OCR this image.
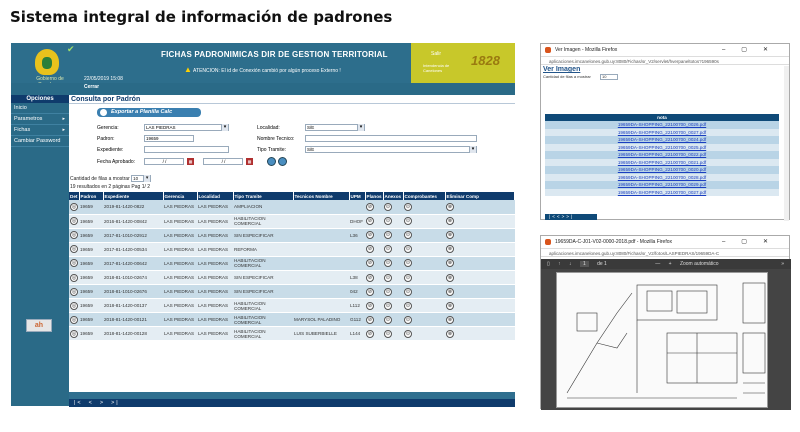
Sistema integral de información de padrones
Gobierno de
✔
22/05/2019 15:08
FICHAS PADRONIMICAS DIR DE GESTION TERRITORIAL
▲ ATENCION: El id de Conexión cambió por algún proceso Externo !
Salir
Intendencia de Canelones
1828
Cerrar
Opciones
Inicio
Parametros	▸
Fichas	▸
Cambiar Password
ah
Consulta por Padrón
Exportar a Planilla Calc
Gerencia:	LAS PIEDRAS ▾	Localidad:	S/E ▾
Padron:	19659	Nombre Tecnico:
Expediente:	Tipo Tramite:	S/E ▾
Fecha Aprobado:	/ /	▦	/ /	▦
Cantidad de filas a mostrar 10 ▾
19 resultados en 2 páginas Pag 1/ 2
Det	Padron	Expediente	Gerencia	Localidad	Tipo Tramite	Tecnicos Nombre	UPM	Planos	Anexos	Comprobantes	Eliminar Comp
◎	19659	2019-81-1420-0822	LAS PIEDRAS	LAS PIEDRAS	AMPLIACION			⊘	⊙	⊙	⊗
◎	19659	2016-81-1420-00842	LAS PIEDRAS	LAS PIEDRAS	HABILITACION COMERCIAL		DHOF	⊘	⊙	⊙	⊗
◎	19659	2017-81-1010-02912	LAS PIEDRAS	LAS PIEDRAS	SIN ESPECIFICAR		L36	⊘	⊙	⊙	⊗
◎	19659	2017-81-1420-00534	LAS PIEDRAS	LAS PIEDRAS	REFORMA			⊘	⊙	⊙	⊗
◎	19659	2017-81-1420-00642	LAS PIEDRAS	LAS PIEDRAS	HABILITACION COMERCIAL			⊘	⊙	⊙	⊗
◎	19659	2018-81-1010-02674	LAS PIEDRAS	LAS PIEDRAS	SIN ESPECIFICAR		L38	⊘	⊙	⊙	⊗
◎	19659	2018-81-1010-02676	LAS PIEDRAS	LAS PIEDRAS	SIN ESPECIFICAR		042	⊘	⊙	⊙	⊗
◎	19659	2018-81-1420-00137	LAS PIEDRAS	LAS PIEDRAS	HABILITACION COMERCIAL		L112	⊘	⊙	⊙	⊗
◎	19659	2018-81-1420-00121	LAS PIEDRAS	LAS PIEDRAS	HABILITACION COMERCIAL	MARYSOL PALADINO	G112	⊘	⊙	⊙	⊗
◎	19659	2018-81-1420-00128	LAS PIEDRAS	LAS PIEDRAS	HABILITACION COMERCIAL	LUIS SUBERBIELLE	L144	⊘	⊙	⊙	⊗
|< < > >|
Ver Imagen - Mozilla Firefox	–▢✕
aplicaciones.imcanelones.gub.uy:8080/Fichas/sr_V2/servlet/hverpaneltotos?196590s
Ver Imagen
Cantidad de filas a mostrar	10
nota
19659DA-SHOPPING_22100700_0026.pdf
19659DA-SHOPPING_22100700_0027.pdf
19659DA-SHOPPING_22100700_0024.pdf
19659DA-SHOPPING_22100700_0025.pdf
19659DA-SHOPPING_22100700_0022.pdf
19659DA-SHOPPING_22100700_0021.pdf
19659DA-SHOPPING_22100700_0020.pdf
19659DA-SHOPPING_22100700_0028.pdf
19659DA-SHOPPING_22100700_0029.pdf
19659DA-SHOPPING_22100700_0027.pdf
|<<>>|
19659DA-C-J01-V02-0000-2018.pdf - Mozilla Firefox	–▢✕
aplicaciones.imcanelones.gub.uy:8080/Fichas/sr_V2/fotos/LASPIEDRAS/19659DA-C
▯ ↑ ↓ 1 de 1	— + Zoom automático	»
